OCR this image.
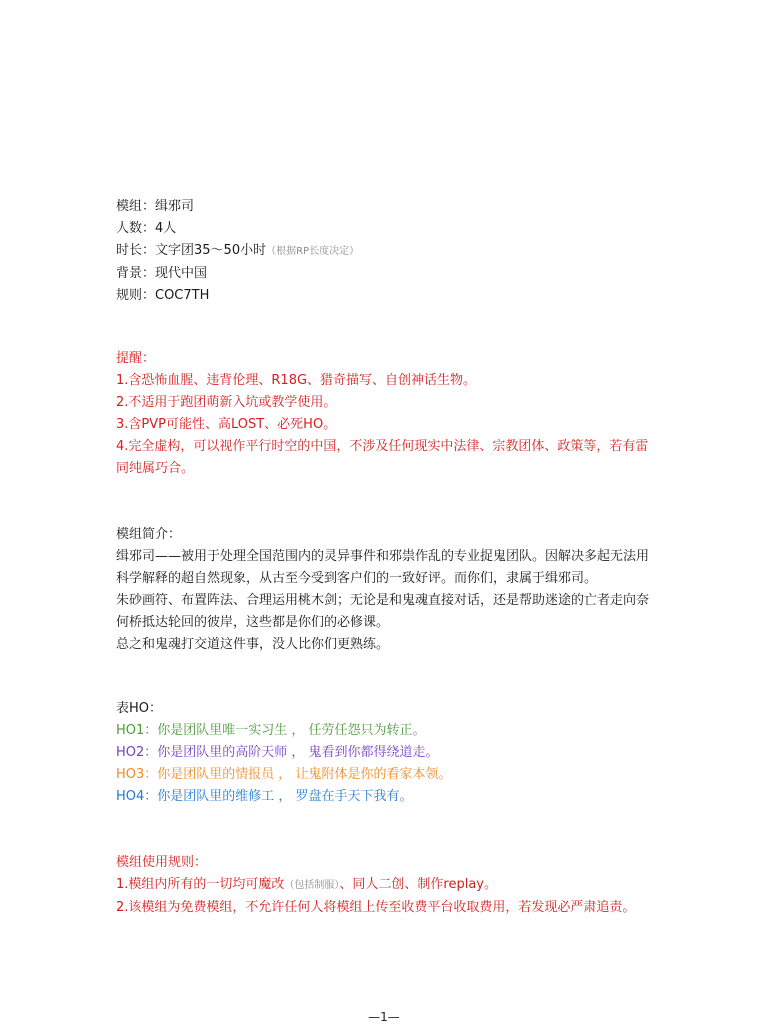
模组：缉邪司
人数：4人
时长：文字团35～50小时（根据RP长度决定）
背景：现代中国
规则：COC7TH
提醒：
1.含恐怖血腥、违背伦理、R18G、猎奇描写、自创神话生物。
2.不适用于跑团萌新入坑或教学使用。
3.含PVP可能性、高LOST、必死HO。
4.完全虚构，可以视作平行时空的中国，不涉及任何现实中法律、宗教团体、政策等，若有雷同纯属巧合。
模组简介：
缉邪司——被用于处理全国范围内的灵异事件和邪祟作乱的专业捉鬼团队。因解决多起无法用科学解释的超自然现象，从古至今受到客户们的一致好评。而你们，隶属于缉邪司。
朱砂画符、布置阵法、合理运用桃木剑；无论是和鬼魂直接对话，还是帮助迷途的亡者走向奈何桥抵达轮回的彼岸，这些都是你们的必修课。
总之和鬼魂打交道这件事，没人比你们更熟练。
表HO：
HO1：你是团队里唯一实习生 ， 任劳任怨只为转正。
HO2：你是团队里的高阶天师 ， 鬼看到你都得绕道走。
HO3：你是团队里的情报员 ， 让鬼附体是你的看家本领。
HO4：你是团队里的维修工 ， 罗盘在手天下我有。
模组使用规则：
1.模组内所有的一切均可魔改（包括制服）、同人二创、制作replay。
2.该模组为免费模组，不允许任何人将模组上传至收费平台收取费用，若发现必严肃追责。
—1—
